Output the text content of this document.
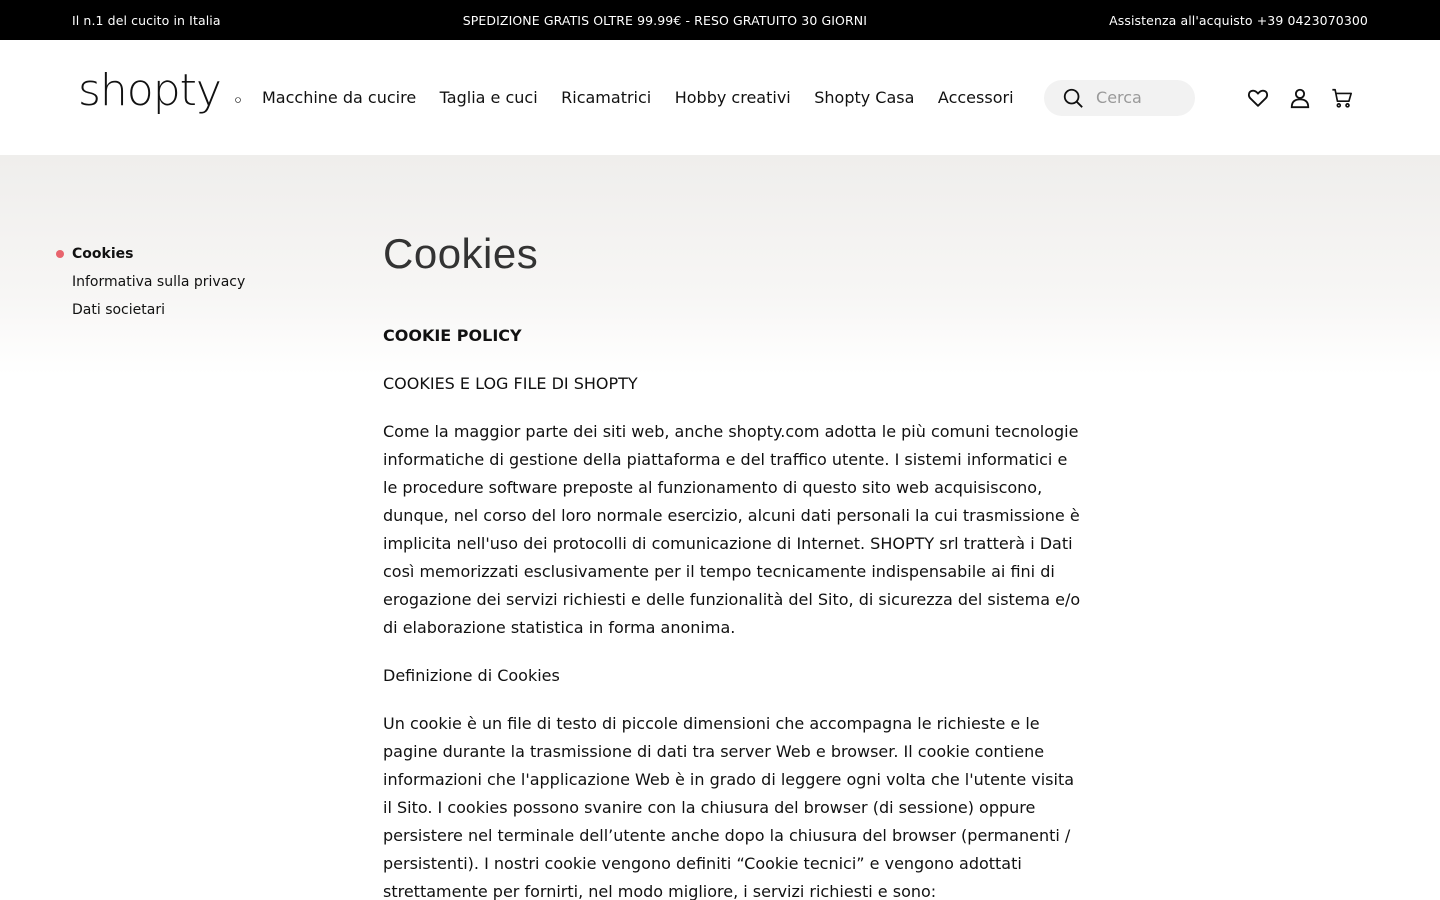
Il n.1 del cucito in Italia	SPEDIZIONE GRATIS OLTRE 99.99€ - RESO GRATUITO 30 GIORNI	Assistenza all'acquisto +39 0423070300
shopty	Macchine da cucire Taglia e cuci Ricamatrici Hobby creativi Shopty Casa Accessori
Cerca
Cookies
Informativa sulla privacy
Dati societari
Cookies

COOKIE POLICY

COOKIES E LOG FILE DI SHOPTY

Come la maggior parte dei siti web, anche shopty.com adotta le più comuni tecnologie informatiche di gestione della piattaforma e del traffico utente. I sistemi informatici e le procedure software preposte al funzionamento di questo sito web acquisiscono, dunque, nel corso del loro normale esercizio, alcuni dati personali la cui trasmissione è implicita nell'uso dei protocolli di comunicazione di Internet. SHOPTY srl tratterà i Dati così memorizzati esclusivamente per il tempo tecnicamente indispensabile ai fini di erogazione dei servizi richiesti e delle funzionalità del Sito, di sicurezza del sistema e/o di elaborazione statistica in forma anonima.

Definizione di Cookies

Un cookie è un file di testo di piccole dimensioni che accompagna le richieste e le pagine durante la trasmissione di dati tra server Web e browser. Il cookie contiene informazioni che l'applicazione Web è in grado di leggere ogni volta che l'utente visita il Sito. I cookies possono svanire con la chiusura del browser (di sessione) oppure persistere nel terminale dell’utente anche dopo la chiusura del browser (permanenti / persistenti). I nostri cookie vengono definiti “Cookie tecnici” e vengono adottati strettamente per fornirti, nel modo migliore, i servizi richiesti e sono:
